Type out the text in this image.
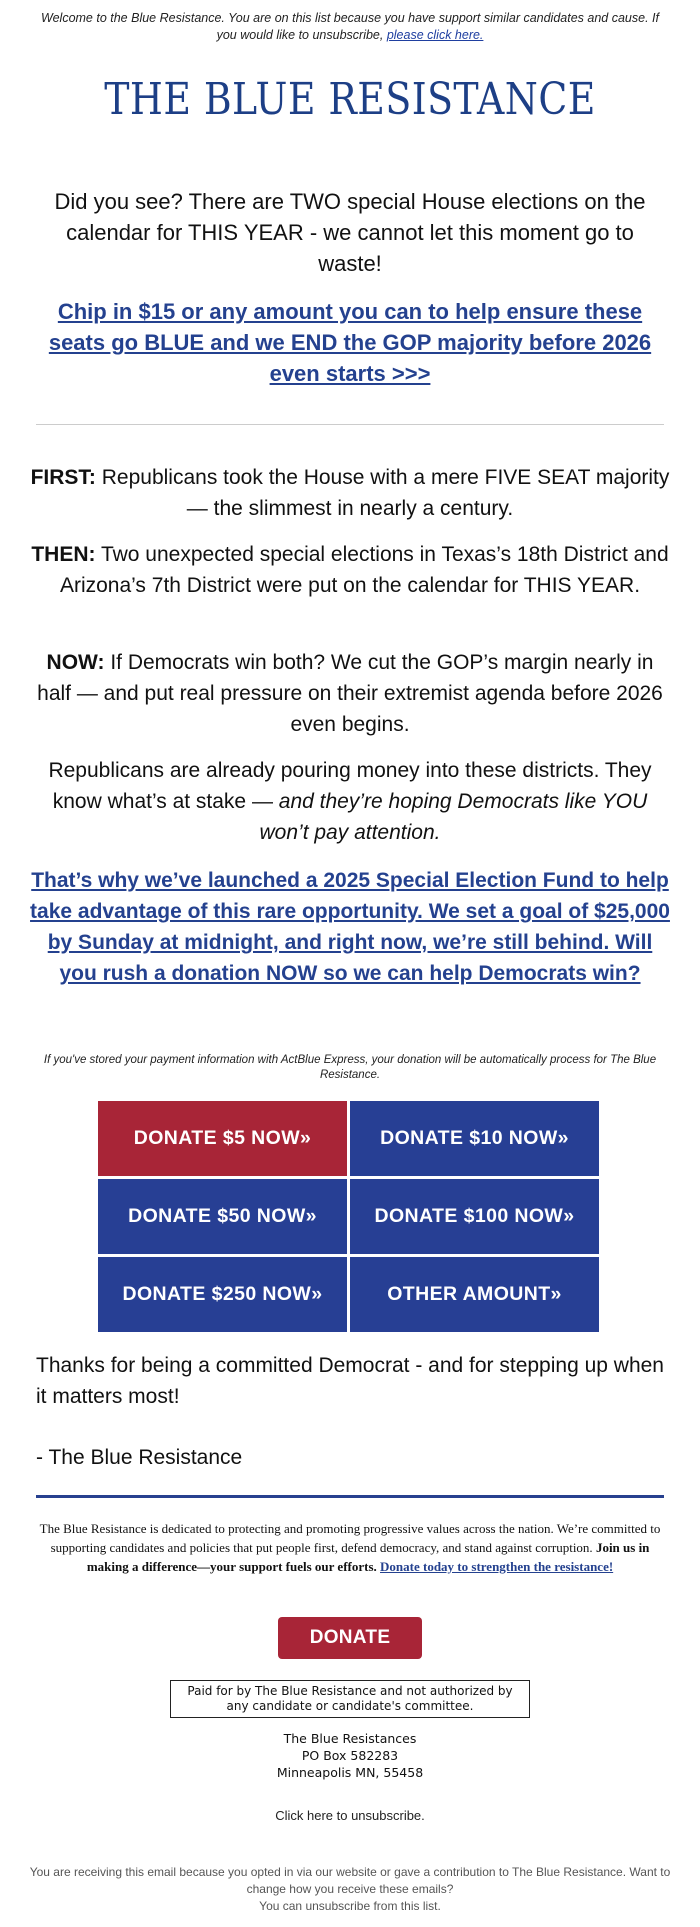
Welcome to the Blue Resistance. You are on this list because you have support similar candidates and cause. If you would like to unsubscribe, please click here.
THE BLUE RESISTANCE
Did you see? There are TWO special House elections on the calendar for THIS YEAR - we cannot let this moment go to waste!
Chip in $15 or any amount you can to help ensure these seats go BLUE and we END the GOP majority before 2026 even starts >>>
FIRST: Republicans took the House with a mere FIVE SEAT majority — the slimmest in nearly a century.
THEN: Two unexpected special elections in Texas’s 18th District and Arizona’s 7th District were put on the calendar for THIS YEAR.
NOW: If Democrats win both? We cut the GOP’s margin nearly in half — and put real pressure on their extremist agenda before 2026 even begins.
Republicans are already pouring money into these districts. They know what’s at stake — and they’re hoping Democrats like YOU won’t pay attention.
That’s why we’ve launched a 2025 Special Election Fund to help take advantage of this rare opportunity. We set a goal of $25,000 by Sunday at midnight, and right now, we’re still behind. Will you rush a donation NOW so we can help Democrats win?
If you've stored your payment information with ActBlue Express, your donation will be automatically process for The Blue Resistance.
DONATE $5 NOW»	DONATE $10 NOW»
DONATE $50 NOW»	DONATE $100 NOW»
DONATE $250 NOW»	OTHER AMOUNT»
Thanks for being a committed Democrat - and for stepping up when it matters most!
- The Blue Resistance
The Blue Resistance is dedicated to protecting and promoting progressive values across the nation. We’re committed to supporting candidates and policies that put people first, defend democracy, and stand against corruption. Join us in making a difference—your support fuels our efforts. Donate today to strengthen the resistance!
DONATE
Paid for by The Blue Resistance and not authorized by any candidate or candidate's committee.
The Blue Resistances
PO Box 582283
Minneapolis MN, 55458
Click here to unsubscribe.
You are receiving this email because you opted in via our website or gave a contribution to The Blue Resistance. Want to change how you receive these emails?
You can unsubscribe from this list.
